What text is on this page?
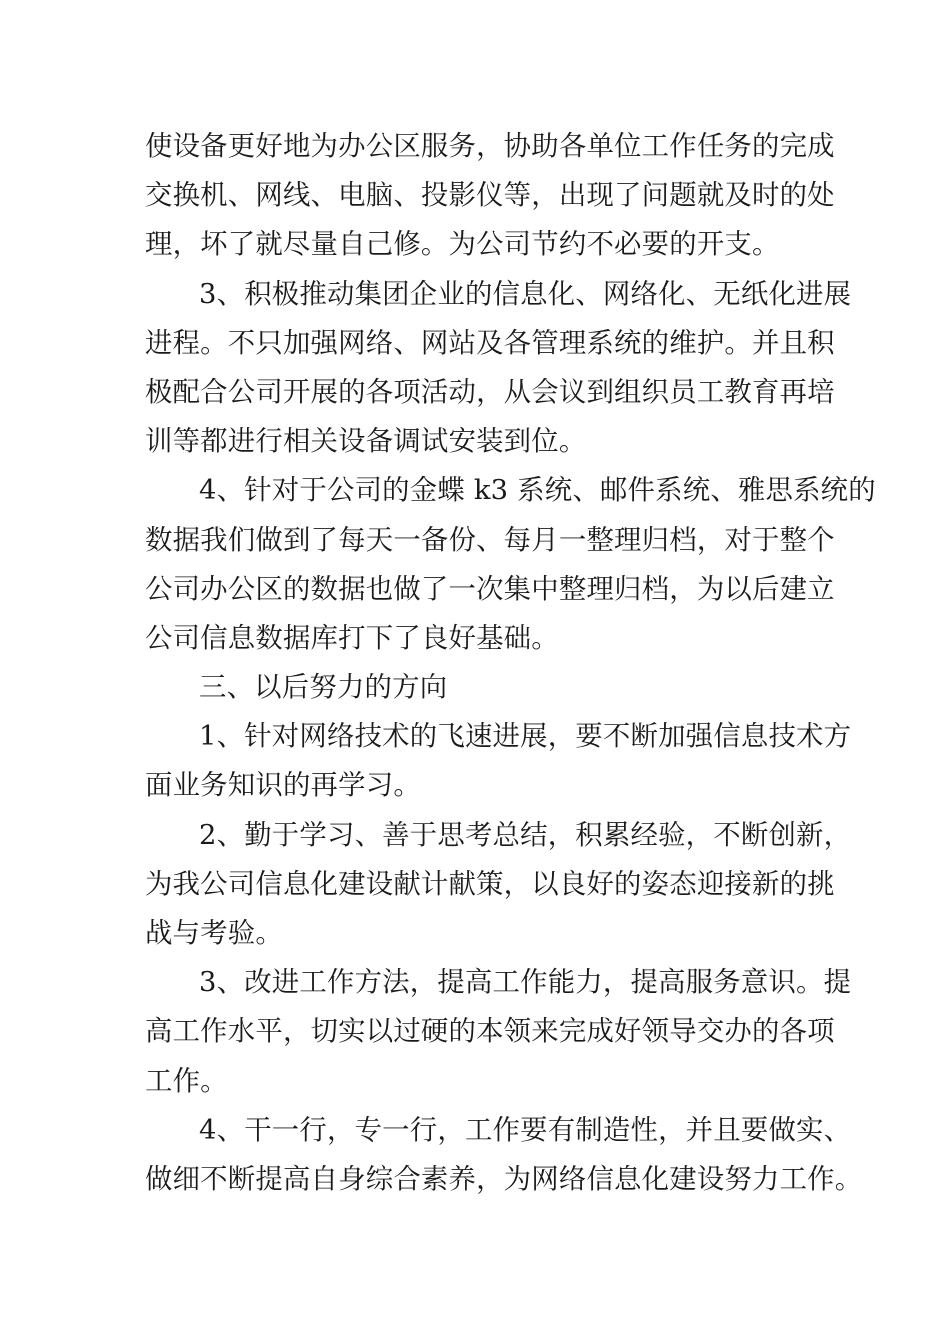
使设备更好地为办公区服务，协助各单位工作任务的完成
交换机、网线、电脑、投影仪等，出现了问题就及时的处
理，坏了就尽量自己修。为公司节约不必要的开支。
3、积极推动集团企业的信息化、网络化、无纸化进展
进程。不只加强网络、网站及各管理系统的维护。并且积
极配合公司开展的各项活动，从会议到组织员工教育再培
训等都进行相关设备调试安装到位。
4、针对于公司的金蝶 k3 系统、邮件系统、雅思系统的
数据我们做到了每天一备份、每月一整理归档，对于整个
公司办公区的数据也做了一次集中整理归档，为以后建立
公司信息数据库打下了良好基础。
三、以后努力的方向
1、针对网络技术的飞速进展，要不断加强信息技术方
面业务知识的再学习。
2、勤于学习、善于思考总结，积累经验，不断创新，
为我公司信息化建设献计献策，以良好的姿态迎接新的挑
战与考验。
3、改进工作方法，提高工作能力，提高服务意识。提
高工作水平，切实以过硬的本领来完成好领导交办的各项
工作。
4、干一行，专一行，工作要有制造性，并且要做实、
做细不断提高自身综合素养，为网络信息化建设努力工作。
